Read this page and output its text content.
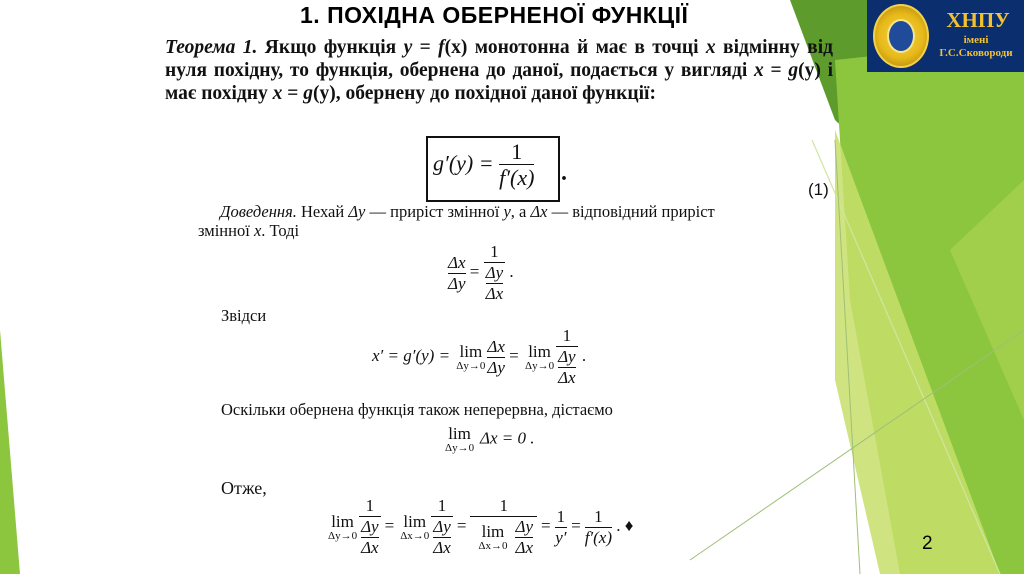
1. ПОХІДНА ОБЕРНЕНОЇ ФУНКЦІЇ	ХНПУ
імені
Г.С.Сковороди
Теорема 1. Якщо функція y = f(x) монотонна й має в точці x відмінну від нуля похідну, то функція, обернена до даної, подається у вигляді x = g(y) і має похідну x = g(y), обернену до похідної даної функції:
$g'(y) = \frac{1}{f'(x)}$ .
(1)
Доведення. Нехай Δy — приріст змінної y, а Δx — відповідний приріст
змінної x. Тоді
$\frac{\Delta x}{\Delta y} = \frac{1}{\frac{\Delta y}{\Delta x}}$ .
Звідси
x′ = g′(y) = lim
$\Delta y\to 0 \frac{\Delta x}{\Delta y} = \lim$
$\Delta y\to 0 \frac{1}{\frac{\Delta y}{\Delta x}}$ .
Оскільки обернена функція також неперервна, дістаємо
lim
Δy→0
Δx = 0 .
Отже,
lim
$\Delta y\to 0 \frac{1}{\frac{\Delta y}{\Delta x}} = \lim$
$\Delta x\to 0 \frac{1}{\frac{\Delta y}{\Delta x}} = 1$
lim
$\Delta x\to 0 \frac{\Delta y}{\Delta x} = \frac{1}{y'} = \frac{1}{f'(x)}$ . ♦
2
